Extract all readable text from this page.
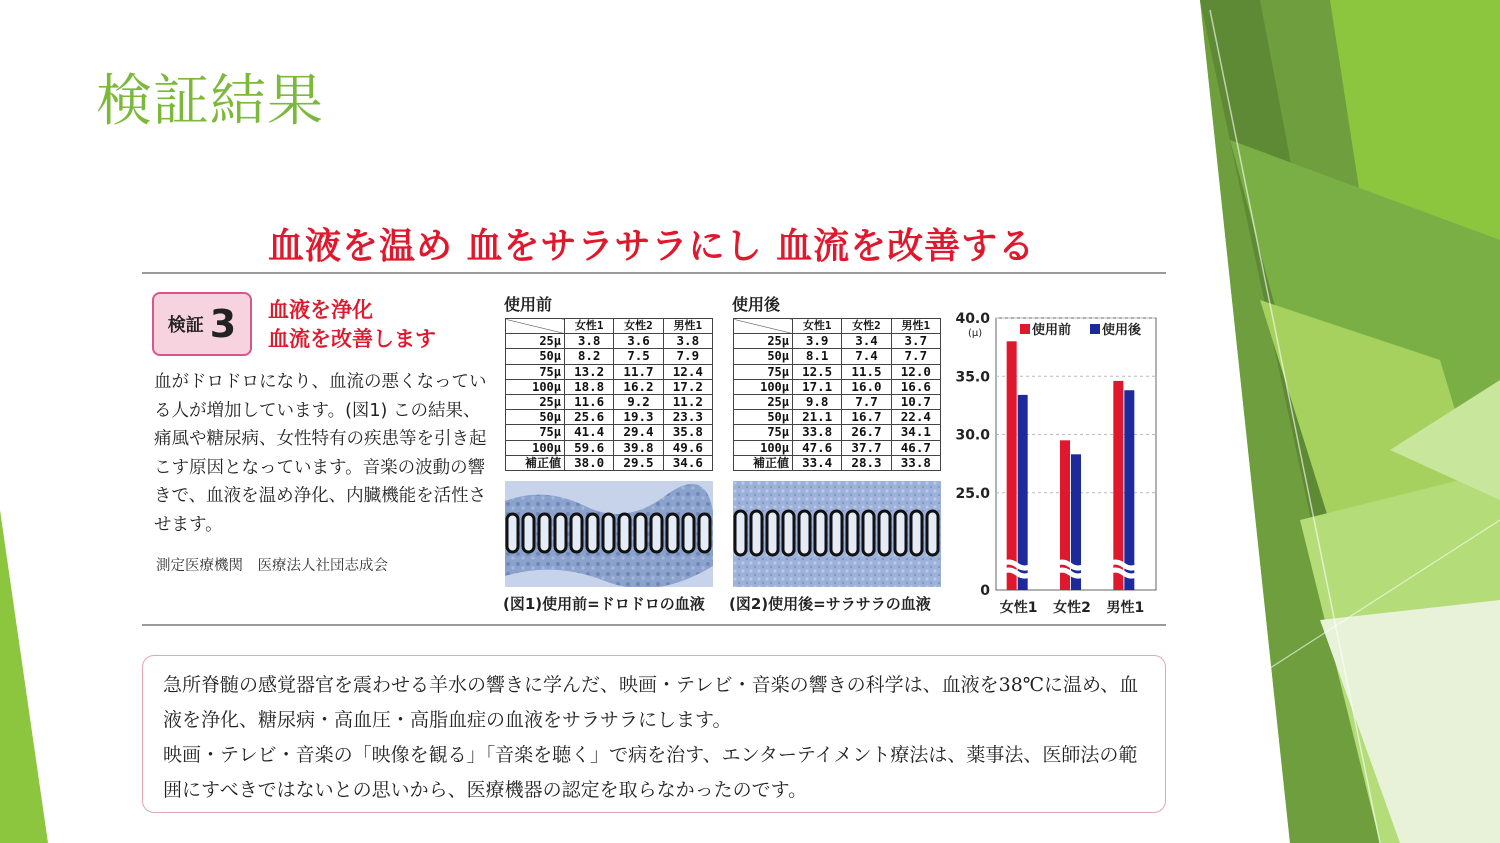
検証結果
血液を温め 血をサラサラにし 血流を改善する
検証 3 血液を浄化
血流を改善します
血がドロドロになり、血流の悪くなっている人が増加しています。(図1) この結果、痛風や糖尿病、女性特有の疾患等を引き起こす原因となっています。音楽の波動の響きで、血液を温め浄化、内臓機能を活性させます。
測定医療機関　医療法人社団志成会
使用前
	女性1	女性2	男性1
25μ	3.8	3.6	3.8
50μ	8.2	7.5	7.9
75μ	13.2	11.7	12.4
100μ	18.8	16.2	17.2
25μ	11.6	9.2	11.2
50μ	25.6	19.3	23.3
75μ	41.4	29.4	35.8
100μ	59.6	39.8	49.6
補正値	38.0	29.5	34.6
使用後
	女性1	女性2	男性1
25μ	3.9	3.4	3.7
50μ	8.1	7.4	7.7
75μ	12.5	11.5	12.0
100μ	17.1	16.0	16.6
25μ	9.8	7.7	10.7
50μ	21.1	16.7	22.4
75μ	33.8	26.7	34.1
100μ	47.6	37.7	46.7
補正値	33.4	28.3	33.8
(図1)使用前=ドロドロの血液 (図2)使用後=サラサラの血液
40.0
35.0
30.0
25.0
0
(μ)
女性1 女性2 男性1
使用前 使用後

急所脊髄の感覚器官を震わせる羊水の響きに学んだ、映画・テレビ・音楽の響きの科学は、血液を38℃に温め、血液を浄化、糖尿病・高血圧・高脂血症の血液をサラサラにします。

映画・テレビ・音楽の「映像を観る」「音楽を聴く」で病を治す、エンターテイメント療法は、薬事法、医師法の範囲にすべきではないとの思いから、医療機器の認定を取らなかったのです。
